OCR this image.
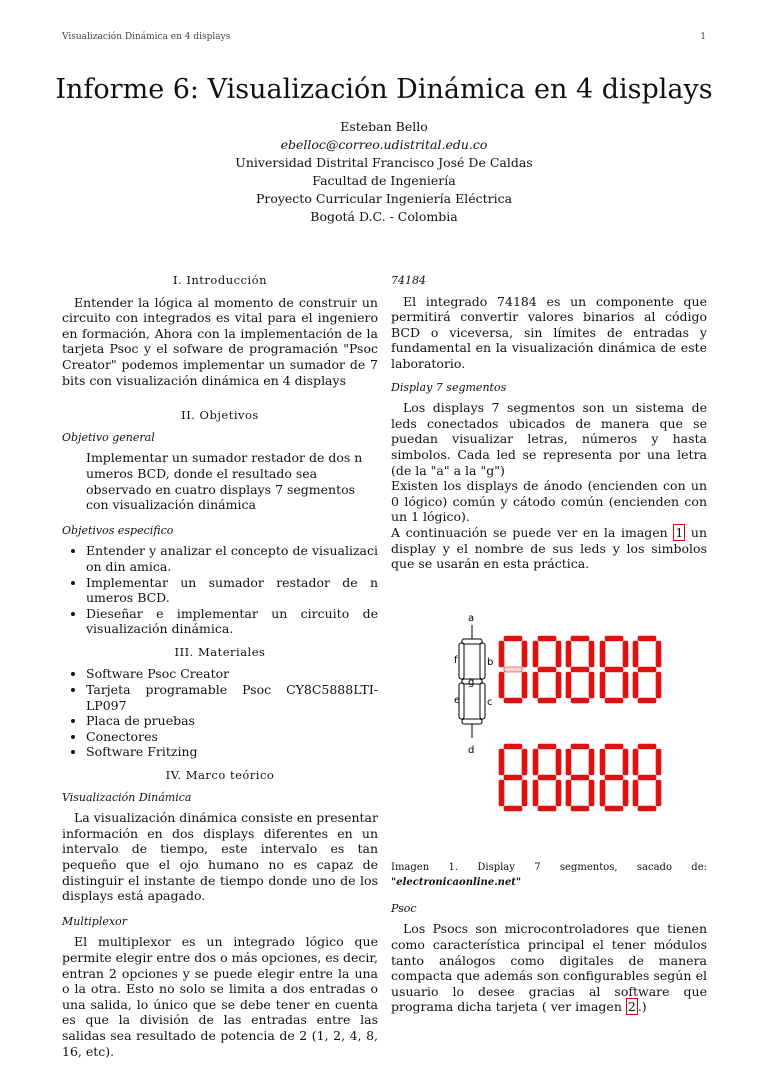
Visualización Dinámica en 4 displays	1
Informe 6: Visualización Dinámica en 4 displays
Esteban Bello
ebelloc@correo.udistrital.edu.co
Universidad Distrital Francisco José De Caldas
Facultad de Ingeniería
Proyecto Curricular Ingeniería Eléctrica
Bogotá D.C. - Colombia
I. Introducción

Entender la lógica al momento de construir un circuito con integrados es vital para el ingeniero en formación, Ahora con la implementación de la tarjeta Psoc y el sofware de programación "Psoc Creator" podemos implementar un sumador de 7 bits con visualización dinámica en 4 displays

II. Objetivos
Objetivo general

Implementar un sumador restador de dos n umeros BCD, donde el resultado sea observado en cuatro displays 7 segmentos con visualización dinámica

Objetivos especifico
• Entender y analizar el concepto de visualizaci on din amica.
• Implementar un sumador restador de n umeros BCD.
• Dieseñar e implementar un circuito de visualización dinámica.
III. Materiales
• Software Psoc Creator
• Tarjeta programable Psoc CY8C5888LTI-LP097
• Placa de pruebas
• Conectores
• Software Fritzing
IV. Marco teórico
Visualización Dinámica

La visualización dinámica consiste en presentar información en dos displays diferentes en un intervalo de tiempo, este intervalo es tan pequeño que el ojo humano no es capaz de distinguir el instante de tiempo donde uno de los displays está apagado.

Multiplexor

El multiplexor es un integrado lógico que permite elegir entre dos o más opciones, es decir, entran 2 opciones y se puede elegir entre la una o la otra. Esto no solo se limita a dos entradas o una salida, lo único que se debe tener en cuenta es que la división de las entradas entre las salidas sea resultado de potencia de 2 (1, 2, 4, 8, 16, etc).

74184

El integrado 74184 es un componente que permitirá convertir valores binarios al código BCD o viceversa, sin límites de entradas y fundamental en la visualización dinámica de este laboratorio.

Display 7 segmentos

Los displays 7 segmentos son un sistema de leds conectados ubicados de manera que se puedan visualizar letras, números y hasta simbolos. Cada led se representa por una letra (de la "a" a la "g")

Existen los displays de ánodo (encienden con un 0 lógico) común y cátodo común (encienden con un 1 lógico).

A continuación se puede ver en la imagen 1 un display y el nombre de sus leds y los simbolos que se usarán en esta práctica.

a
b
c
d
e
f
g

Imagen 1. Display 7 segmentos, sacado de: "electronicaonline.net"

Psoc

Los Psocs son microcontroladores que tienen como característica principal el tener módulos tanto análogos como digitales de manera compacta que además son configurables según el usuario lo desee gracias al software que programa dicha tarjeta ( ver imagen 2 .)
